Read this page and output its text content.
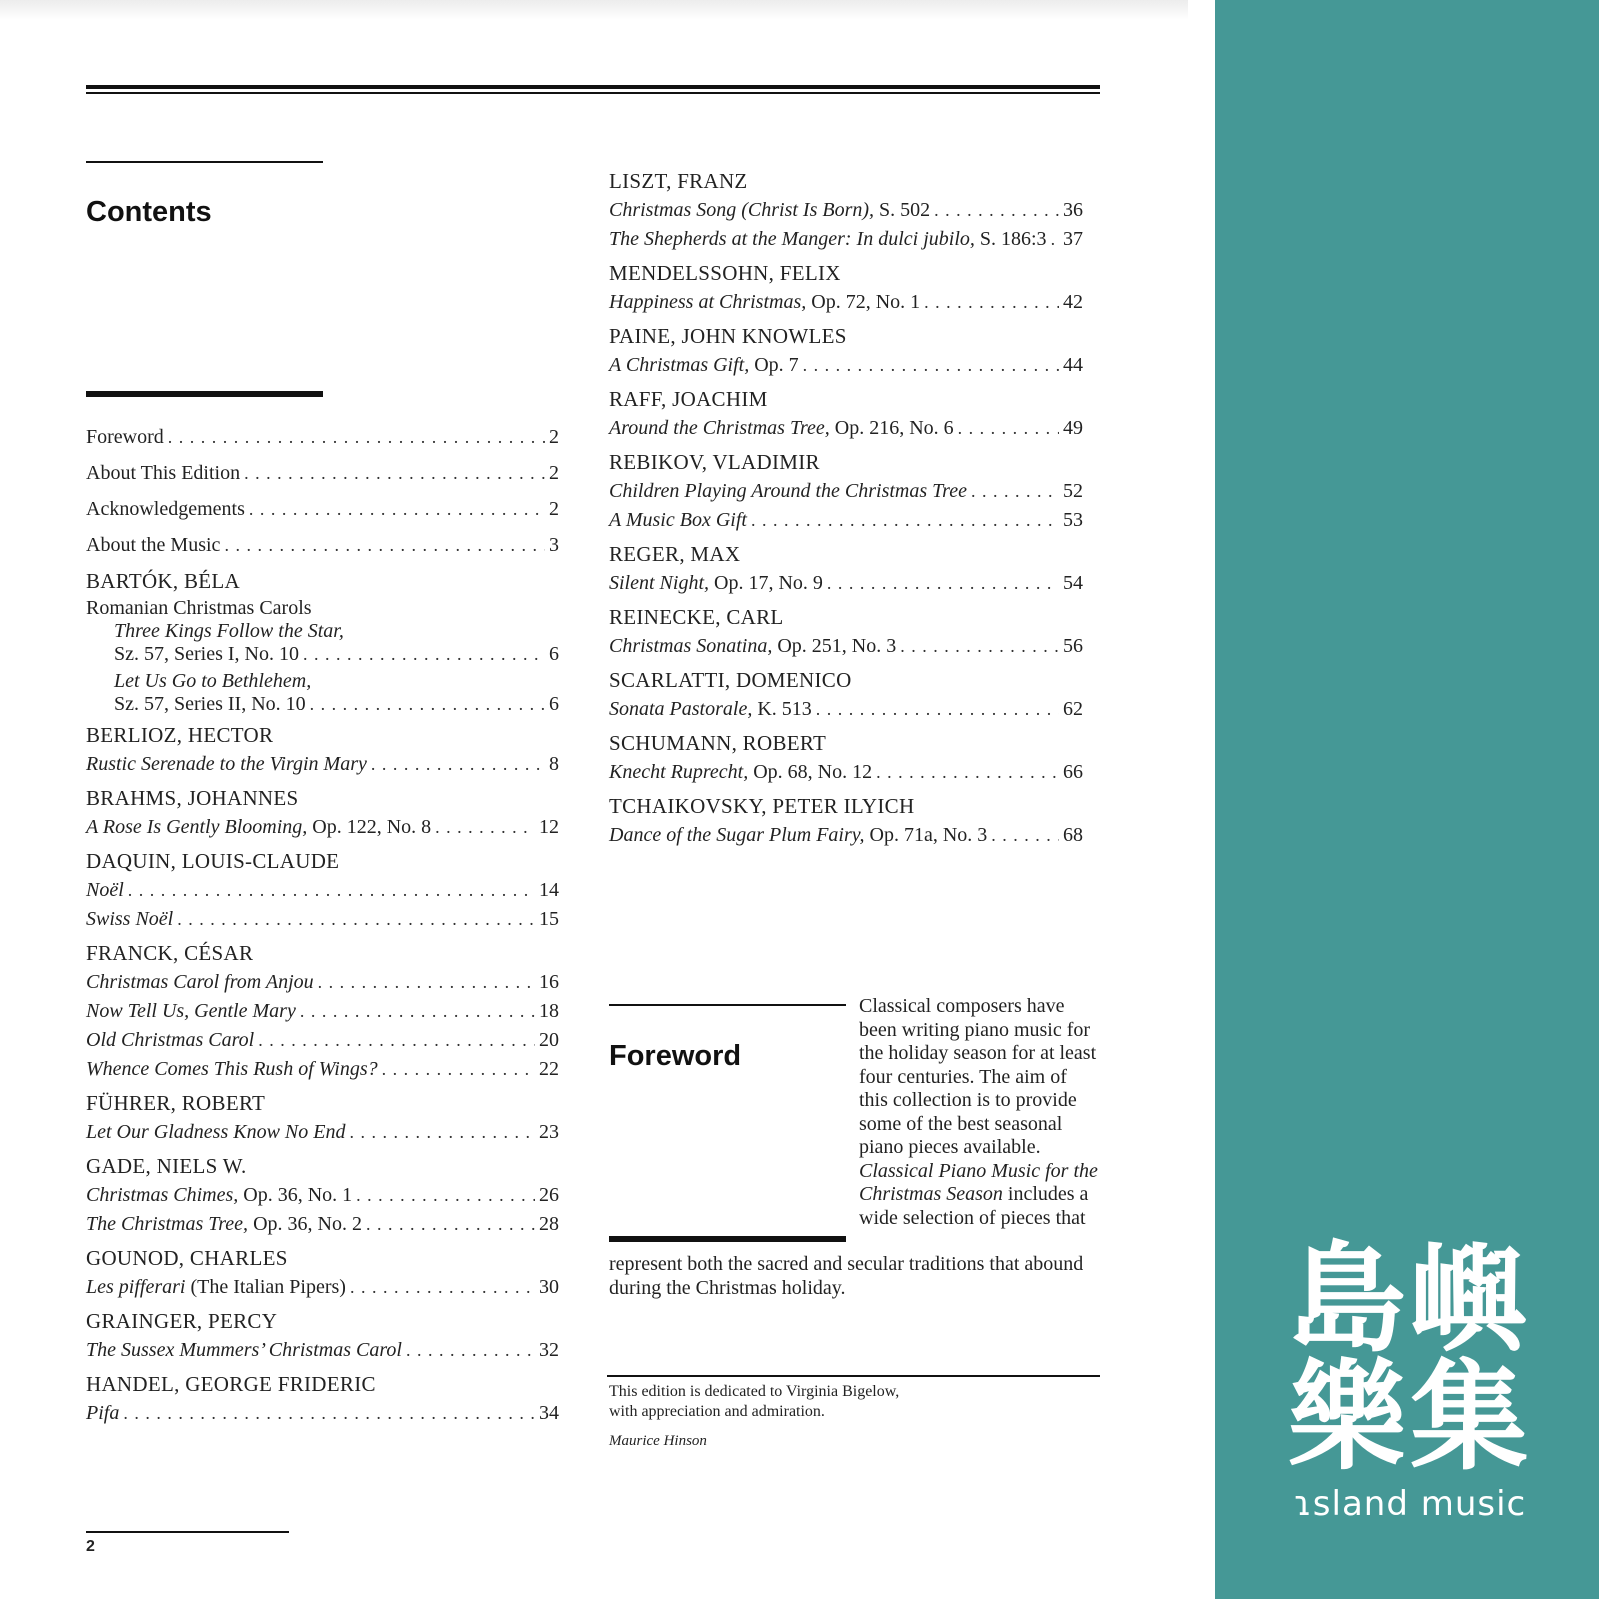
Contents
Foreword . . .	2
About This Edition . . .	2
Acknowledgements . . .	2
About the Music . . .	3
BARTÓK, BÉLA
Romanian Christmas Carols
Three Kings Follow the Star,
Sz. 57, Series I, No. 10 . . .	6
Let Us Go to Bethlehem,
Sz. 57, Series II, No. 10 . . .	6
BERLIOZ, HECTOR
Rustic Serenade to the Virgin Mary . . .	8
BRAHMS, JOHANNES
A Rose Is Gently Blooming, Op. 122, No. 8 . . .	12
DAQUIN, LOUIS-CLAUDE
Noël . . .	14
Swiss Noël . . .	15
FRANCK, CÉSAR
Christmas Carol from Anjou . . .	16
Now Tell Us, Gentle Mary . . .	18
Old Christmas Carol . . .	20
Whence Comes This Rush of Wings? . . .	22
FÜHRER, ROBERT
Let Our Gladness Know No End . . .	23
GADE, NIELS W.
Christmas Chimes, Op. 36, No. 1 . . .	26
The Christmas Tree, Op. 36, No. 2 . . .	28
GOUNOD, CHARLES
Les pifferari (The Italian Pipers) . . .	30
GRAINGER, PERCY
The Sussex Mummers’ Christmas Carol . . .	32
HANDEL, GEORGE FRIDERIC
Pifa . . .	34
LISZT, FRANZ
Christmas Song (Christ Is Born), S. 502 . . .	36
The Shepherds at the Manger: In dulci jubilo, S. 186:3 . . . 37
MENDELSSOHN, FELIX
Happiness at Christmas, Op. 72, No. 1 . . .	42
PAINE, JOHN KNOWLES
A Christmas Gift, Op. 7 . . .	44
RAFF, JOACHIM
Around the Christmas Tree, Op. 216, No. 6 . . .	49
REBIKOV, VLADIMIR
Children Playing Around the Christmas Tree . . .	52
A Music Box Gift . . .	53
REGER, MAX
Silent Night, Op. 17, No. 9 . . .	54
REINECKE, CARL
Christmas Sonatina, Op. 251, No. 3 . . .	56
SCARLATTI, DOMENICO
Sonata Pastorale, K. 513 . . .	62
SCHUMANN, ROBERT
Knecht Ruprecht, Op. 68, No. 12 . . .	66
TCHAIKOVSKY, PETER ILYICH
Dance of the Sugar Plum Fairy, Op. 71a, No. 3 . . .	68
Foreword
Classical composers have been writing piano music for the holiday season for at least four centuries. The aim of this collection is to provide some of the best seasonal piano pieces available. Classical Piano Music for the Christmas Season includes a wide selection of pieces that
represent both the sacred and secular traditions that abound during the Christmas holiday.
This edition is dedicated to Virginia Bigelow,
with appreciation and admiration.
Maurice Hinson
2
島嶼
樂集
ɿsland music
